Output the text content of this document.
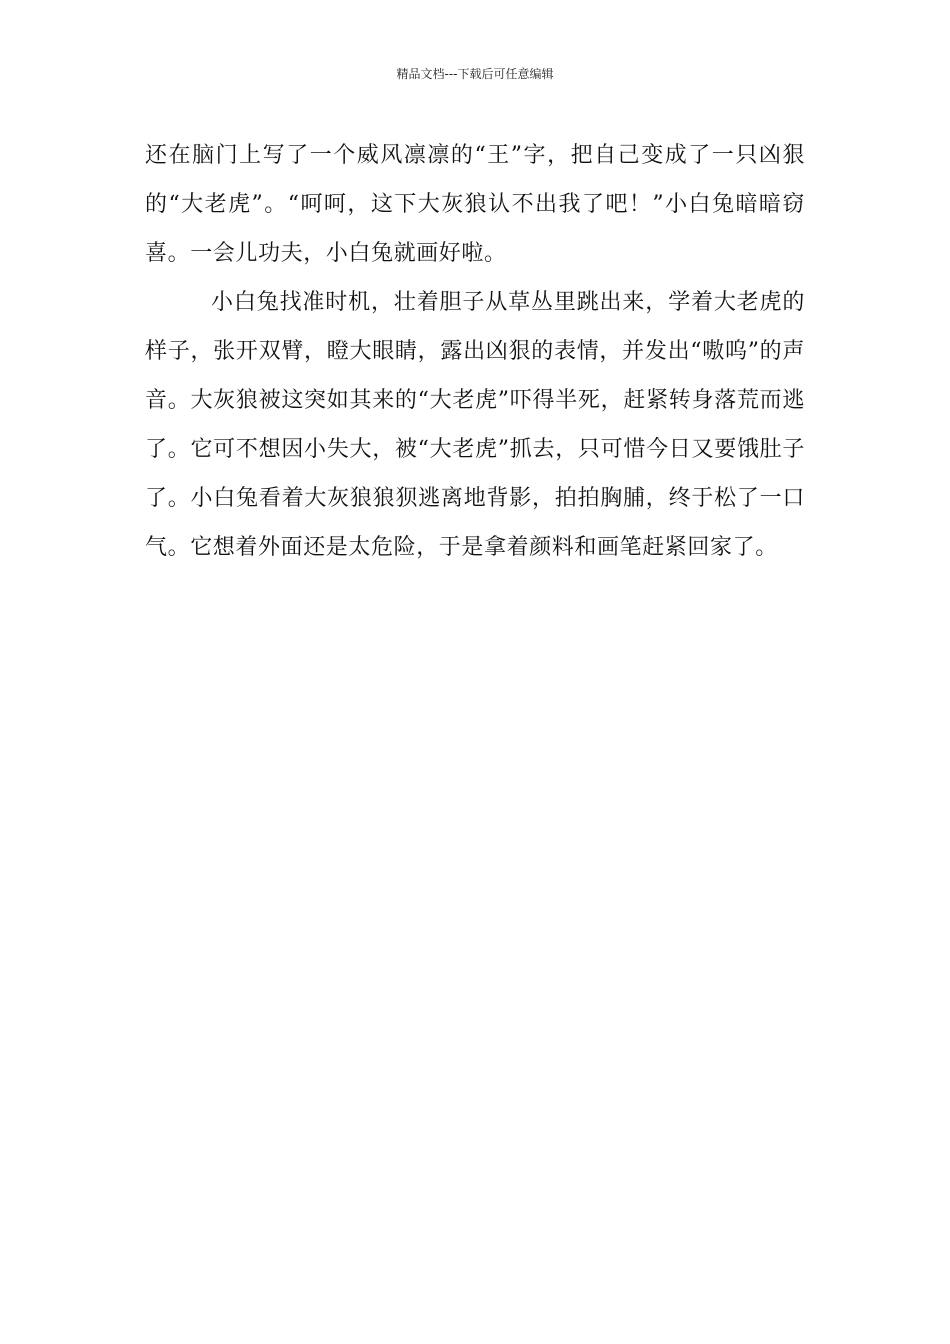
精品文档---下载后可任意编辑

还在脑门上写了一个威风凛凛的“王”字，把自己变成了一只凶狠的“大老虎”。“呵呵，这下大灰狼认不出我了吧！”小白兔暗暗窃喜。一会儿功夫，小白兔就画好啦。

小白兔找准时机，壮着胆子从草丛里跳出来，学着大老虎的样子，张开双臂，瞪大眼睛，露出凶狠的表情，并发出“嗷呜”的声音。大灰狼被这突如其来的“大老虎”吓得半死，赶紧转身落荒而逃了。它可不想因小失大，被“大老虎”抓去，只可惜今日又要饿肚子了。小白兔看着大灰狼狼狈逃离地背影，拍拍胸脯，终于松了一口气。它想着外面还是太危险，于是拿着颜料和画笔赶紧回家了。
